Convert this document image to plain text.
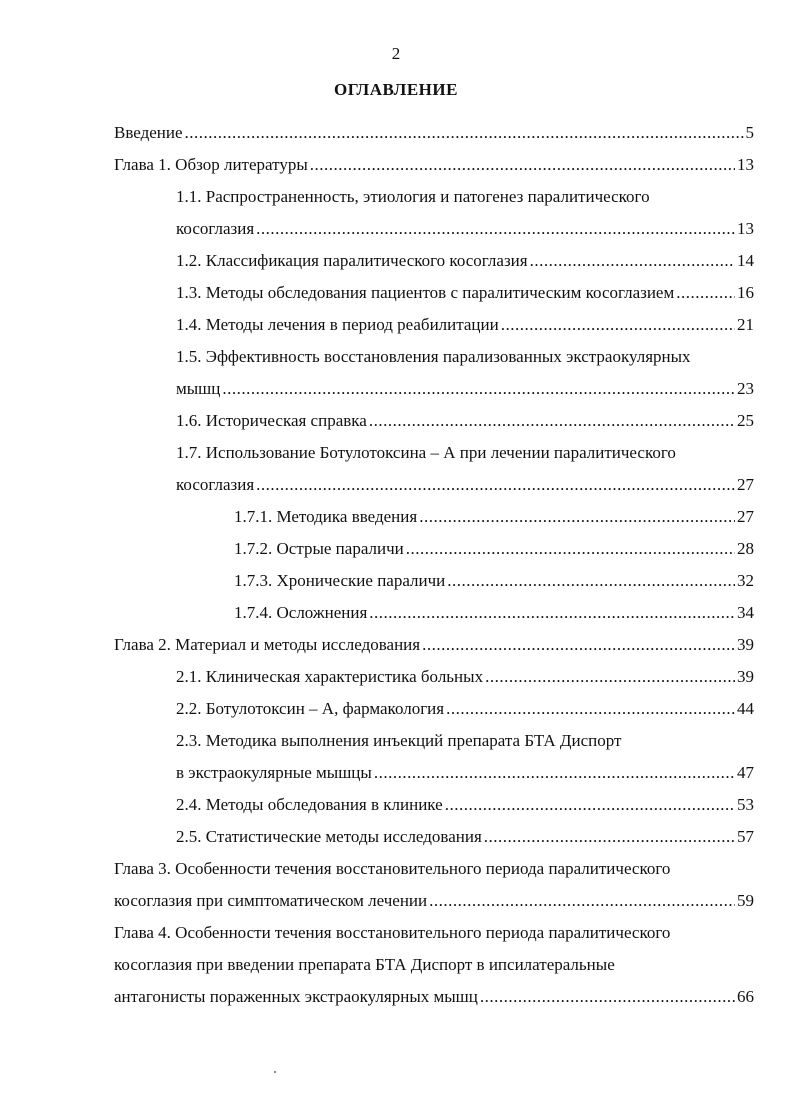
2
ОГЛАВЛЕНИЕ
Введение .....	5
Глава 1. Обзор литературы .....	13
1.1. Распространенность, этиология и патогенез паралитического
косоглазия .....	13
1.2. Классификация паралитического косоглазия .....	14
1.3. Методы обследования пациентов с паралитическим косоглазием .....	16
1.4. Методы лечения в период реабилитации .....	21
1.5. Эффективность восстановления парализованных экстраокулярных
мышц .....	23
1.6. Историческая справка .....	25
1.7. Использование Ботулотоксина – А при лечении паралитического
косоглазия .....	27
1.7.1. Методика введения .....	27
1.7.2. Острые параличи .....	28
1.7.3. Хронические параличи .....	32
1.7.4. Осложнения .....	34
Глава 2. Материал и методы исследования .....	39
2.1. Клиническая характеристика больных .....	39
2.2. Ботулотоксин – А, фармакология .....	44
2.3. Методика выполнения инъекций препарата БТА Диспорт
в экстраокулярные мышцы .....	47
2.4. Методы обследования в клинике .....	53
2.5. Статистические методы исследования .....	57
Глава 3. Особенности течения восстановительного периода паралитического
косоглазия при симптоматическом лечении .....	59
Глава 4. Особенности течения восстановительного периода паралитического
косоглазия при введении препарата БТА Диспорт в ипсилатеральные
антагонисты пораженных экстраокулярных мышц .....	66
